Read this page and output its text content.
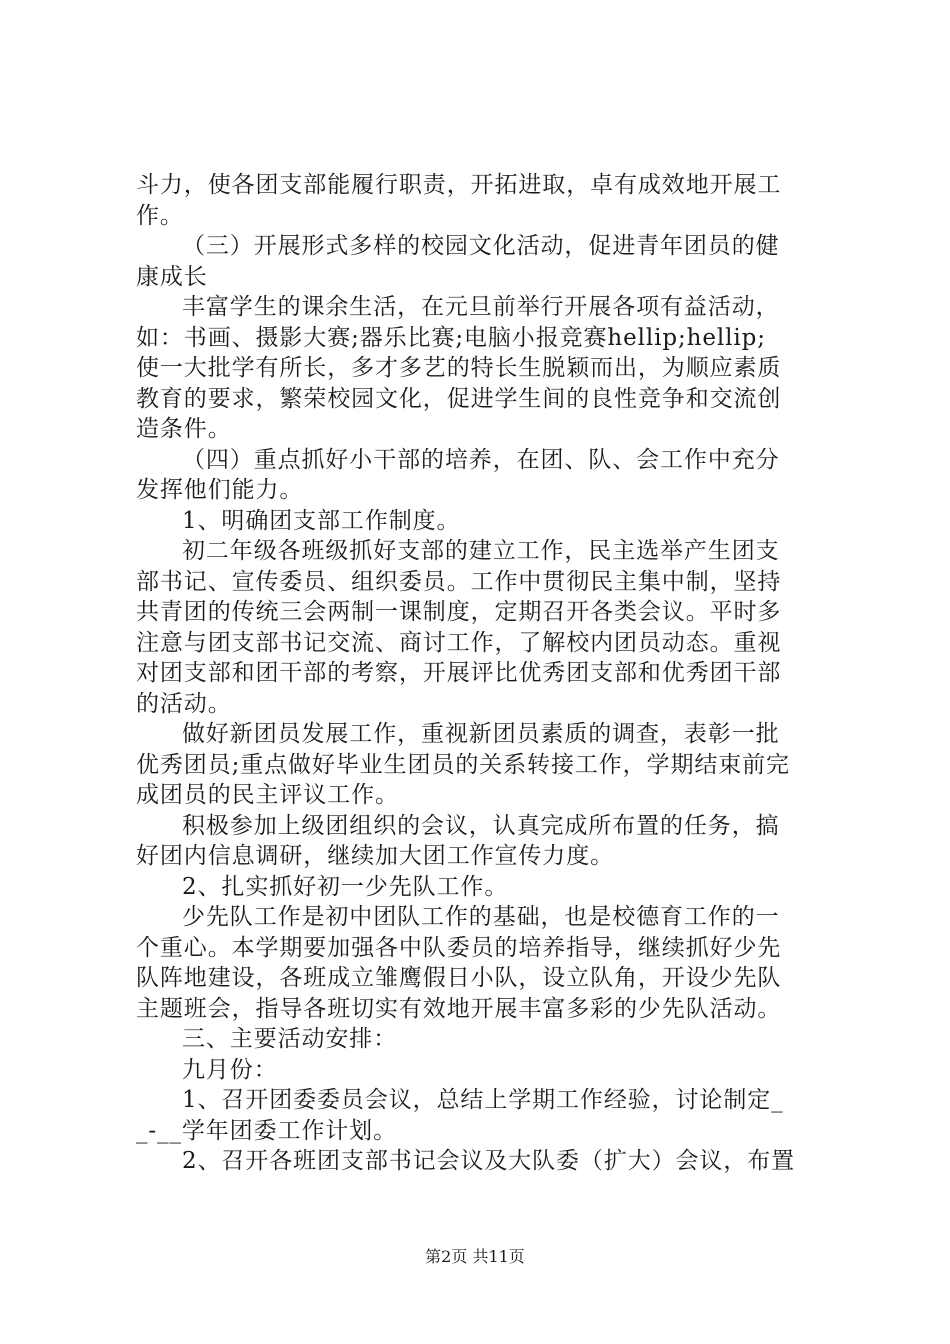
斗力，使各团支部能履行职责，开拓进取，卓有成效地开展工
作。
（三）开展形式多样的校园文化活动，促进青年团员的健
康成长
丰富学生的课余生活，在元旦前举行开展各项有益活动，
如：书画、摄影大赛;器乐比赛;电脑小报竞赛hellip;hellip;
使一大批学有所长，多才多艺的特长生脱颖而出，为顺应素质
教育的要求，繁荣校园文化，促进学生间的良性竞争和交流创
造条件。
（四）重点抓好小干部的培养，在团、队、会工作中充分
发挥他们能力。
1、明确团支部工作制度。
初二年级各班级抓好支部的建立工作，民主选举产生团支
部书记、宣传委员、组织委员。工作中贯彻民主集中制，坚持
共青团的传统三会两制一课制度，定期召开各类会议。平时多
注意与团支部书记交流、商讨工作，了解校内团员动态。重视
对团支部和团干部的考察，开展评比优秀团支部和优秀团干部
的活动。
做好新团员发展工作，重视新团员素质的调查，表彰一批
优秀团员;重点做好毕业生团员的关系转接工作，学期结束前完
成团员的民主评议工作。
积极参加上级团组织的会议，认真完成所布置的任务，搞
好团内信息调研，继续加大团工作宣传力度。
2、扎实抓好初一少先队工作。
少先队工作是初中团队工作的基础，也是校德育工作的一
个重心。本学期要加强各中队委员的培养指导，继续抓好少先
队阵地建设，各班成立雏鹰假日小队，设立队角，开设少先队
主题班会，指导各班切实有效地开展丰富多彩的少先队活动。
三、主要活动安排：
九月份：
1、召开团委委员会议，总结上学期工作经验，讨论制定_
_-__学年团委工作计划。
2、召开各班团支部书记会议及大队委（扩大）会议，布置
第2页 共11页
